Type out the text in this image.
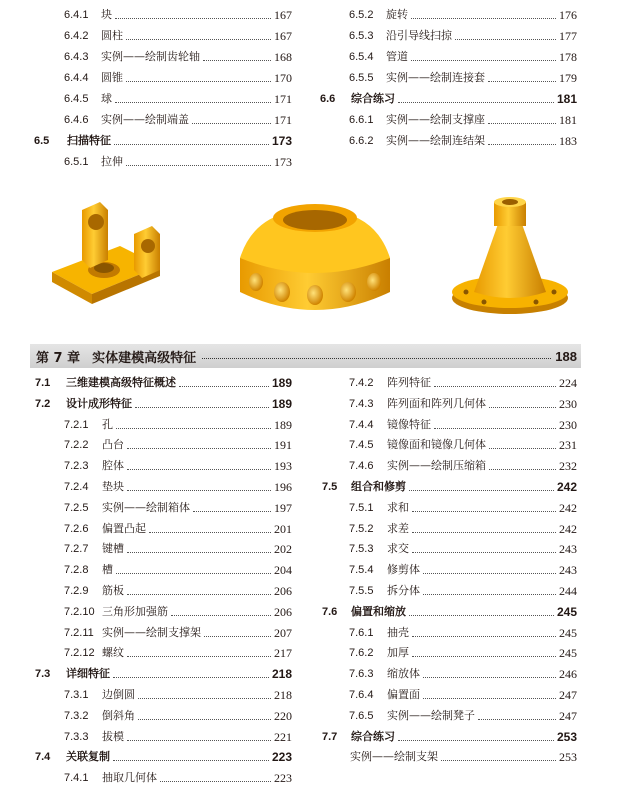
6.4.1	块	167
6.4.2	圆柱	167
6.4.3	实例——绘制齿轮轴	168
6.4.4	圆锥	170
6.4.5	球	171
6.4.6	实例——绘制端盖	171
6.5	扫描特征	173
6.5.1	拉伸	173
6.5.2	旋转	176
6.5.3	沿引导线扫掠	177
6.5.4	管道	178
6.5.5	实例——绘制连接套	179
6.6	综合练习	181
6.6.1	实例——绘制支撑座	181
6.6.2	实例——绘制连结架	183
第 7 章 实体建模高级特征	188
7.1	三维建模高级特征概述	189
7.2	设计成形特征	189
7.2.1	孔	189
7.2.2	凸台	191
7.2.3	腔体	193
7.2.4	垫块	196
7.2.5	实例——绘制箱体	197
7.2.6	偏置凸起	201
7.2.7	键槽	202
7.2.8	槽	204
7.2.9	筋板	206
7.2.10 三角形加强筋	206
7.2.11 实例——绘制支撑架	207
7.2.12 螺纹	217
7.3	详细特征	218
7.3.1	边倒圆	218
7.3.2	倒斜角	220
7.3.3	拔模	221
7.4	关联复制	223
7.4.1	抽取几何体	223
7.4.2	阵列特征	224
7.4.3	阵列面和阵列几何体	230
7.4.4	镜像特征	230
7.4.5	镜像面和镜像几何体	231
7.4.6	实例——绘制压缩箱	232
7.5	组合和修剪	242
7.5.1	求和	242
7.5.2	求差	242
7.5.3	求交	243
7.5.4	修剪体	243
7.5.5	拆分体	244
7.6	偏置和缩放	245
7.6.1	抽壳	245
7.6.2	加厚	245
7.6.3	缩放体	246
7.6.4	偏置面	247
7.6.5	实例——绘制凳子	247
7.7	综合练习	253
实例——绘制支架	253
